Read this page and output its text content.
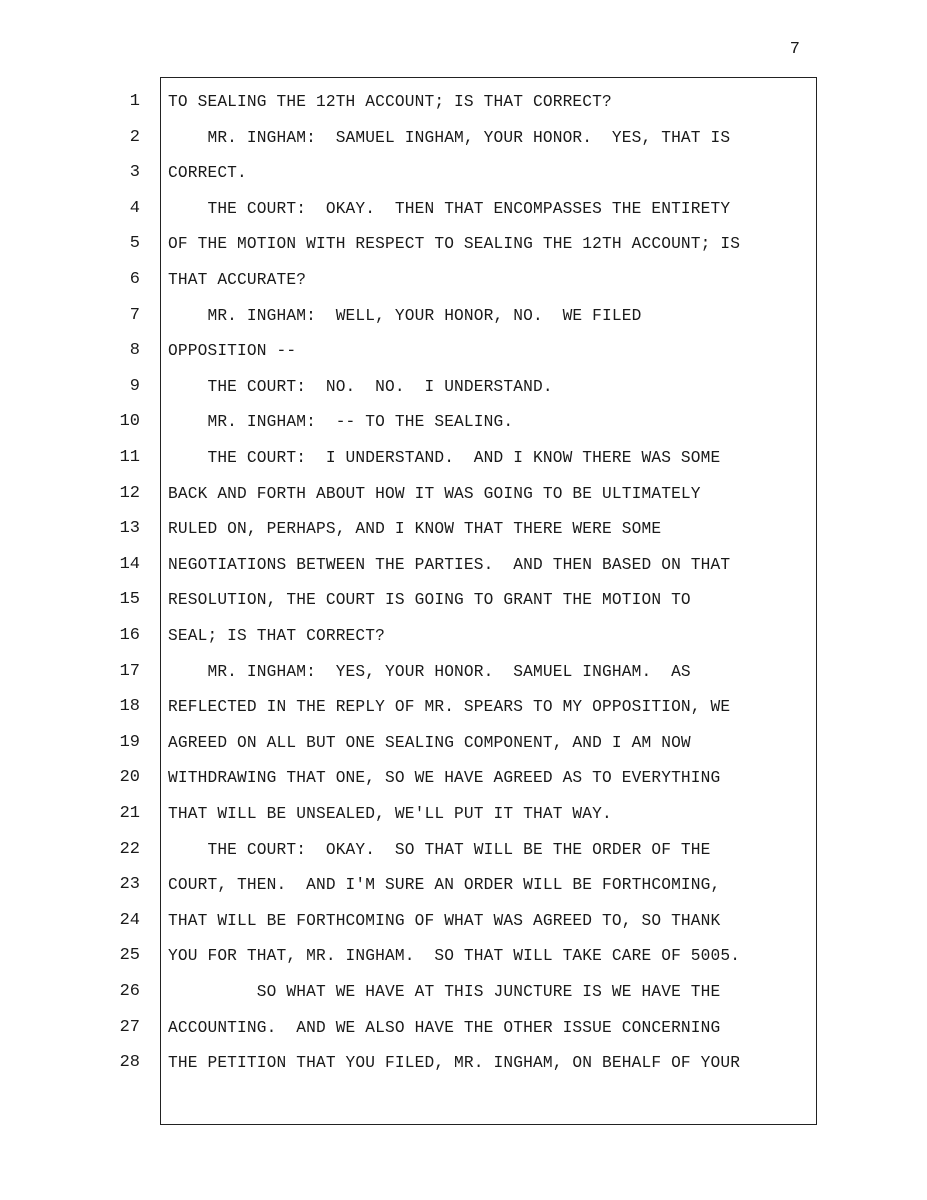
7
1
2
3
4
5
6
7
8
9
10
11
12
13
14
15
16
17
18
19
20
21
22
23
24
25
26
27
28
TO SEALING THE 12TH ACCOUNT; IS THAT CORRECT?
MR. INGHAM:  SAMUEL INGHAM, YOUR HONOR.  YES, THAT IS
CORRECT.
THE COURT:  OKAY.  THEN THAT ENCOMPASSES THE ENTIRETY
OF THE MOTION WITH RESPECT TO SEALING THE 12TH ACCOUNT; IS
THAT ACCURATE?
MR. INGHAM:  WELL, YOUR HONOR, NO.  WE FILED
OPPOSITION --
THE COURT:  NO.  NO.  I UNDERSTAND.
MR. INGHAM:  -- TO THE SEALING.
THE COURT:  I UNDERSTAND.  AND I KNOW THERE WAS SOME
BACK AND FORTH ABOUT HOW IT WAS GOING TO BE ULTIMATELY
RULED ON, PERHAPS, AND I KNOW THAT THERE WERE SOME
NEGOTIATIONS BETWEEN THE PARTIES.  AND THEN BASED ON THAT
RESOLUTION, THE COURT IS GOING TO GRANT THE MOTION TO
SEAL; IS THAT CORRECT?
MR. INGHAM:  YES, YOUR HONOR.  SAMUEL INGHAM.  AS
REFLECTED IN THE REPLY OF MR. SPEARS TO MY OPPOSITION, WE
AGREED ON ALL BUT ONE SEALING COMPONENT, AND I AM NOW
WITHDRAWING THAT ONE, SO WE HAVE AGREED AS TO EVERYTHING
THAT WILL BE UNSEALED, WE'LL PUT IT THAT WAY.
THE COURT:  OKAY.  SO THAT WILL BE THE ORDER OF THE
COURT, THEN.  AND I'M SURE AN ORDER WILL BE FORTHCOMING,
THAT WILL BE FORTHCOMING OF WHAT WAS AGREED TO, SO THANK
YOU FOR THAT, MR. INGHAM.  SO THAT WILL TAKE CARE OF 5005.
SO WHAT WE HAVE AT THIS JUNCTURE IS WE HAVE THE
ACCOUNTING.  AND WE ALSO HAVE THE OTHER ISSUE CONCERNING
THE PETITION THAT YOU FILED, MR. INGHAM, ON BEHALF OF YOUR
